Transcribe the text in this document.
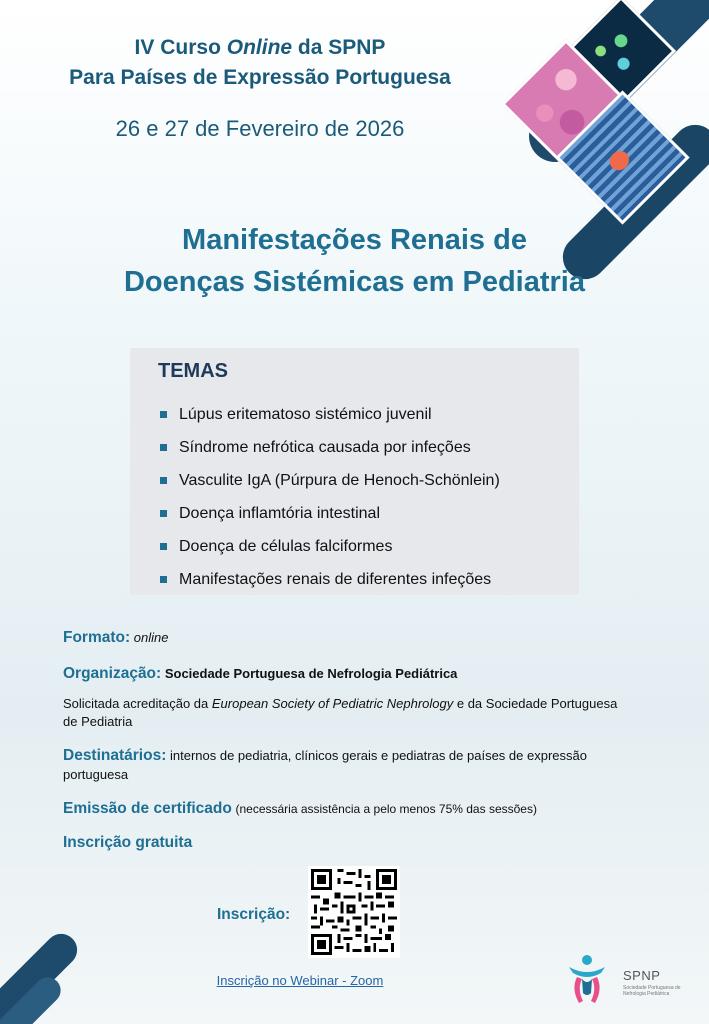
IV Curso Online da SPNP
Para Países de Expressão Portuguesa
26 e 27 de Fevereiro de 2026
Manifestações Renais de
Doenças Sistémicas em Pediatria
TEMAS
Lúpus eritematoso sistémico juvenil
Síndrome nefrótica causada por infeções
Vasculite IgA (Púrpura de Henoch-Schönlein)
Doença inflamtória intestinal
Doença de células falciformes
Manifestações renais de diferentes infeções
Formato: online
Organização: Sociedade Portuguesa de Nefrologia Pediátrica
Solicitada acreditação da European Society of Pediatric Nephrology e da Sociedade Portuguesa
de Pediatria
Destinatários: internos de pediatria, clínicos gerais e pediatras de países de expressão
portuguesa
Emissão de certificado (necessária assistência a pelo menos 75% das sessões)
Inscrição gratuita
Inscrição:
Inscrição no Webinar - Zoom	SPNP
Sociedade Portuguesa de Nefrologia Pediátrica
